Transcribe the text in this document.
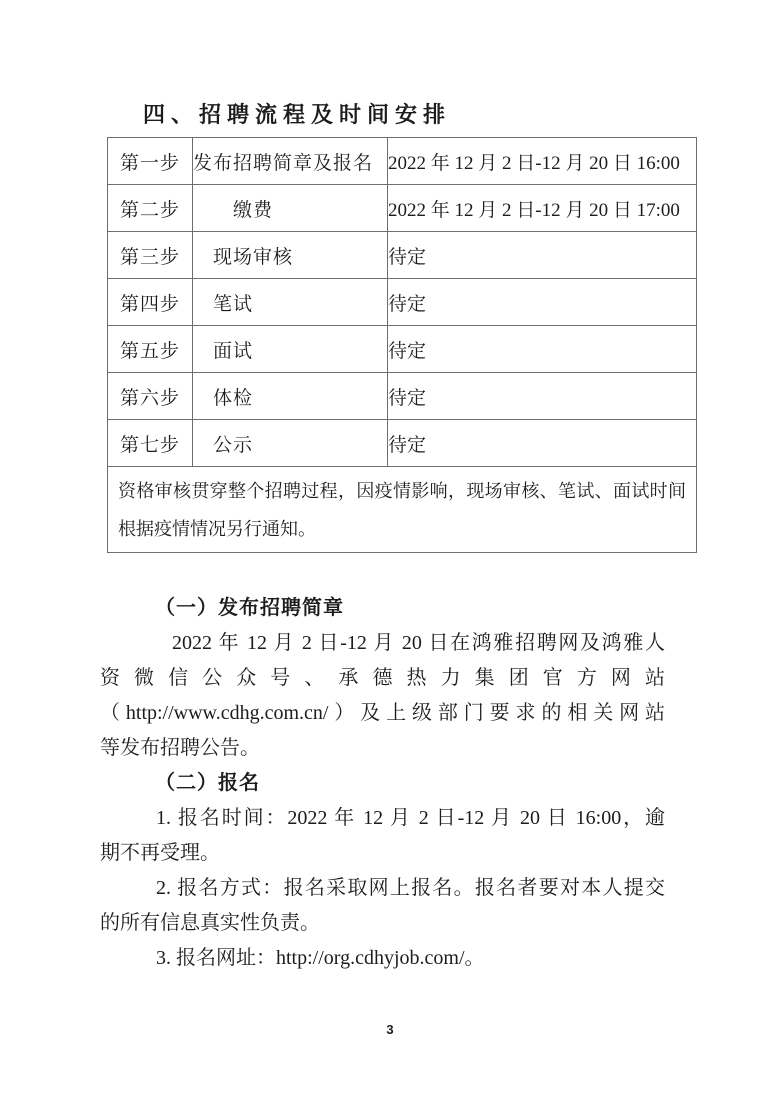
四、招聘流程及时间安排
第一步	发布招聘简章及报名	2022 年 12 月 2 日-12 月 20 日 16:00
第二步	　　缴费	2022 年 12 月 2 日-12 月 20 日 17:00
第三步	　现场审核	待定
第四步	　笔试	待定
第五步	　面试	待定
第六步	　体检	待定
第七步	　公示	待定

资格审核贯穿整个招聘过程，因疫情影响，现场审核、笔试、面试时间
根据疫情情况另行通知。		
（一）发布招聘简章
2022 年 12 月 2 日-12 月 20 日在鸿雅招聘网及鸿雅人
资微信公众号、承德热力集团官方网站
（http://www.cdhg.com.cn/）及上级部门要求的相关网站
等发布招聘公告。
（二）报名
1. 报名时间：2022 年 12 月 2 日-12 月 20 日 16:00，逾
期不再受理。
2. 报名方式：报名采取网上报名。报名者要对本人提交
的所有信息真实性负责。
3. 报名网址：http://org.cdhyjob.com/。
3
